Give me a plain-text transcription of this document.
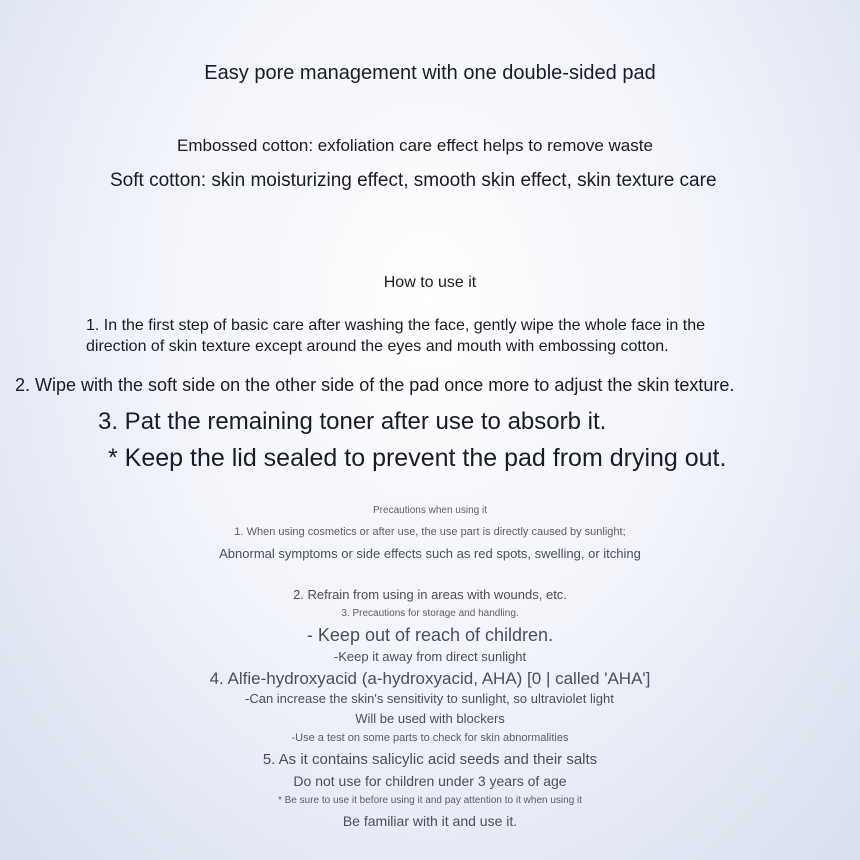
Easy pore management with one double-sided pad
Embossed cotton: exfoliation care effect helps to remove waste
Soft cotton: skin moisturizing effect, smooth skin effect, skin texture care
How to use it
1. In the first step of basic care after washing the face, gently wipe the whole face in the
direction of skin texture except around the eyes and mouth with embossing cotton.
2. Wipe with the soft side on the other side of the pad once more to adjust the skin texture.
3. Pat the remaining toner after use to absorb it.
* Keep the lid sealed to prevent the pad from drying out.
Precautions when using it
1. When using cosmetics or after use, the use part is directly caused by sunlight;
Abnormal symptoms or side effects such as red spots, swelling, or itching
2. Refrain from using in areas with wounds, etc.
3. Precautions for storage and handling.
- Keep out of reach of children.
-Keep it away from direct sunlight
4. Alfie-hydroxyacid (a-hydroxyacid, AHA) [0 | called 'AHA']
-Can increase the skin's sensitivity to sunlight, so ultraviolet light
Will be used with blockers
-Use a test on some parts to check for skin abnormalities
5. As it contains salicylic acid seeds and their salts
Do not use for children under 3 years of age
* Be sure to use it before using it and pay attention to it when using it
Be familiar with it and use it.
